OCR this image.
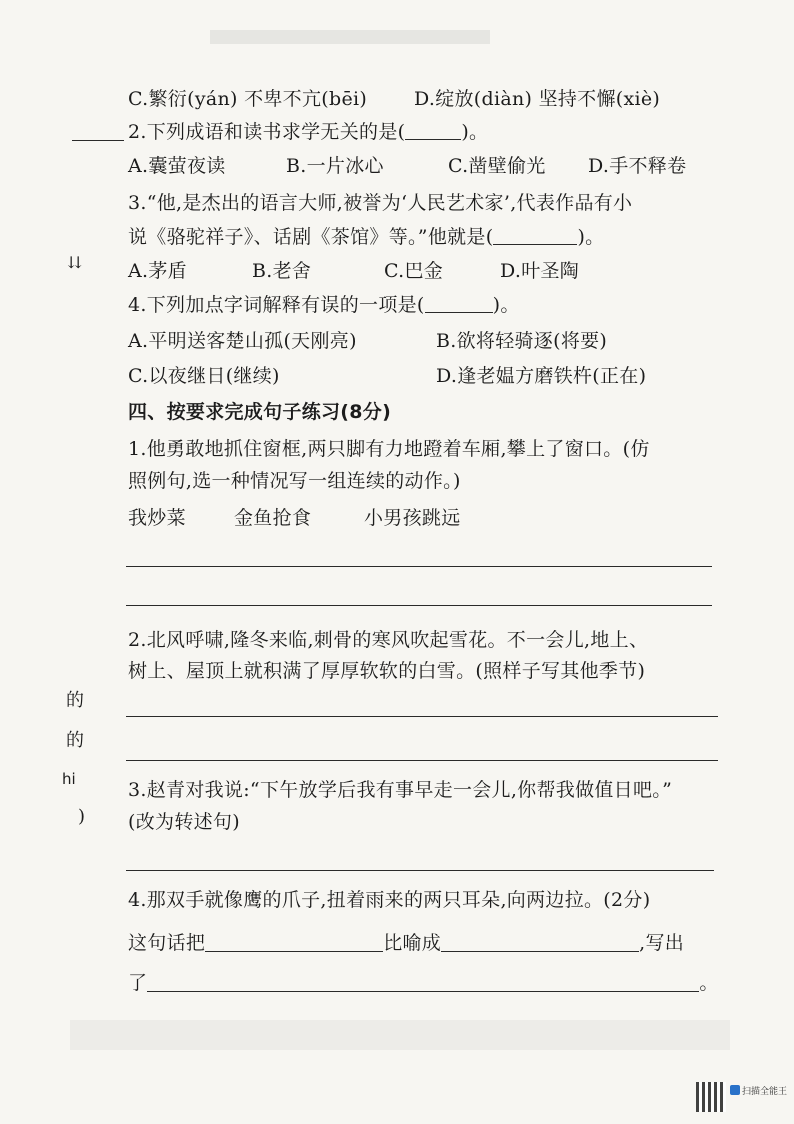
C.繁衍(yán) 不卑不亢(bēi) D.绽放(diàn) 坚持不懈(xiè)
2.下列成语和读书求学无关的是(	)。
A.囊萤夜读	B.一片冰心	C.凿壁偷光 D.手不释卷
3.“他,是杰出的语言大师,被誉为‘人民艺术家’,代表作品有小
说《骆驼祥子》、话剧《茶馆》等。”他就是(	)。
A.茅盾	B.老舍	C.巴金	D.叶圣陶
⇊
4.下列加点字词解释有误的一项是(	)。
A.平明送客楚山孤(天刚亮)	B.欲将轻骑逐(将要)
C.以夜继日(继续)	D.逢老媪方磨铁杵(正在)
四、按要求完成句子练习(8分)
1.他勇敢地抓住窗框,两只脚有力地蹬着车厢,攀上了窗口。(仿
照例句,选一种情况写一组连续的动作。)
我炒菜	金鱼抢食	小男孩跳远
2.北风呼啸,隆冬来临,刺骨的寒风吹起雪花。不一会儿,地上、
树上、屋顶上就积满了厚厚软软的白雪。(照样子写其他季节)
的
的
hi
)
3.赵青对我说:“下午放学后我有事早走一会儿,你帮我做值日吧。”
(改为转述句)
4.那双手就像鹰的爪子,扭着雨来的两只耳朵,向两边拉。(2分)
这句话把	比喻成	,写出
了	。
扫描全能王
